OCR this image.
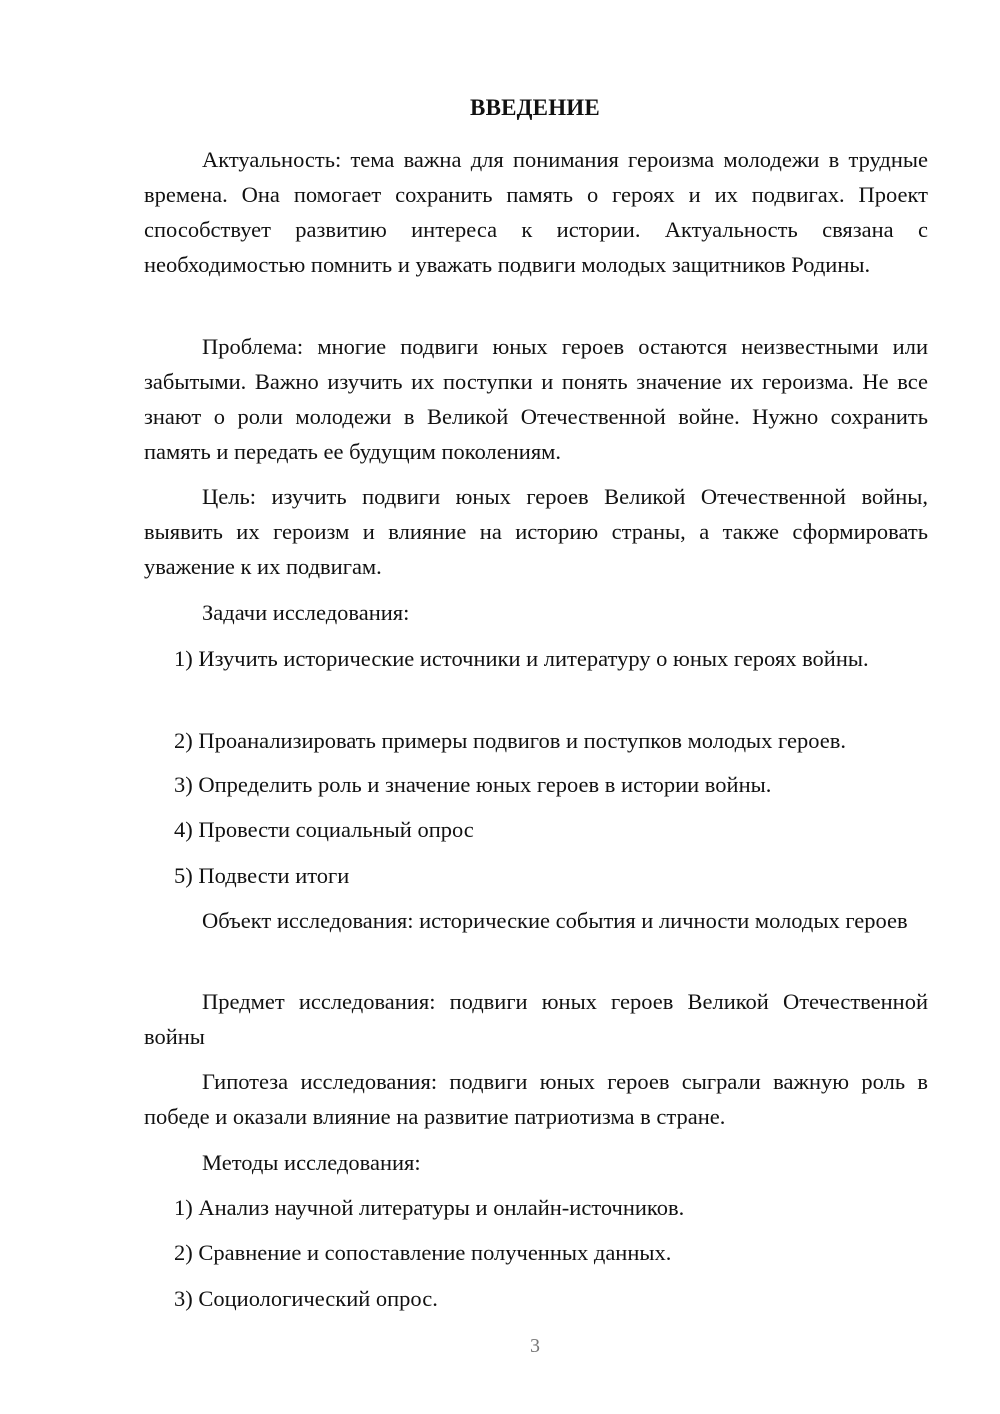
ВВЕДЕНИЕ

Актуальность: тема важна для понимания героизма молодежи в трудные времена. Она помогает сохранить память о героях и их подвигах. Проект способствует развитию интереса к истории. Актуальность связана с необходимостью помнить и уважать подвиги молодых защитников Родины.

Проблема: многие подвиги юных героев остаются неизвестными или забытыми. Важно изучить их поступки и понять значение их героизма. Не все знают о роли молодежи в Великой Отечественной войне. Нужно сохранить память и передать ее будущим поколениям.

Цель: изучить подвиги юных героев Великой Отечественной войны, выявить их героизм и влияние на историю страны, а также сформировать уважение к их подвигам.

Задачи исследования:

1) Изучить исторические источники и литературу о юных героях войны.

2) Проанализировать примеры подвигов и поступков молодых героев.

3) Определить роль и значение юных героев в истории войны.

4) Провести социальный опрос

5) Подвести итоги

Объект исследования: исторические события и личности молодых героев

Предмет исследования: подвиги юных героев Великой Отечественной войны

Гипотеза исследования: подвиги юных героев сыграли важную роль в победе и оказали влияние на развитие патриотизма в стране.

Методы исследования:

1) Анализ научной литературы и онлайн-источников.

2) Сравнение и сопоставление полученных данных.

3) Социологический опрос.

3
